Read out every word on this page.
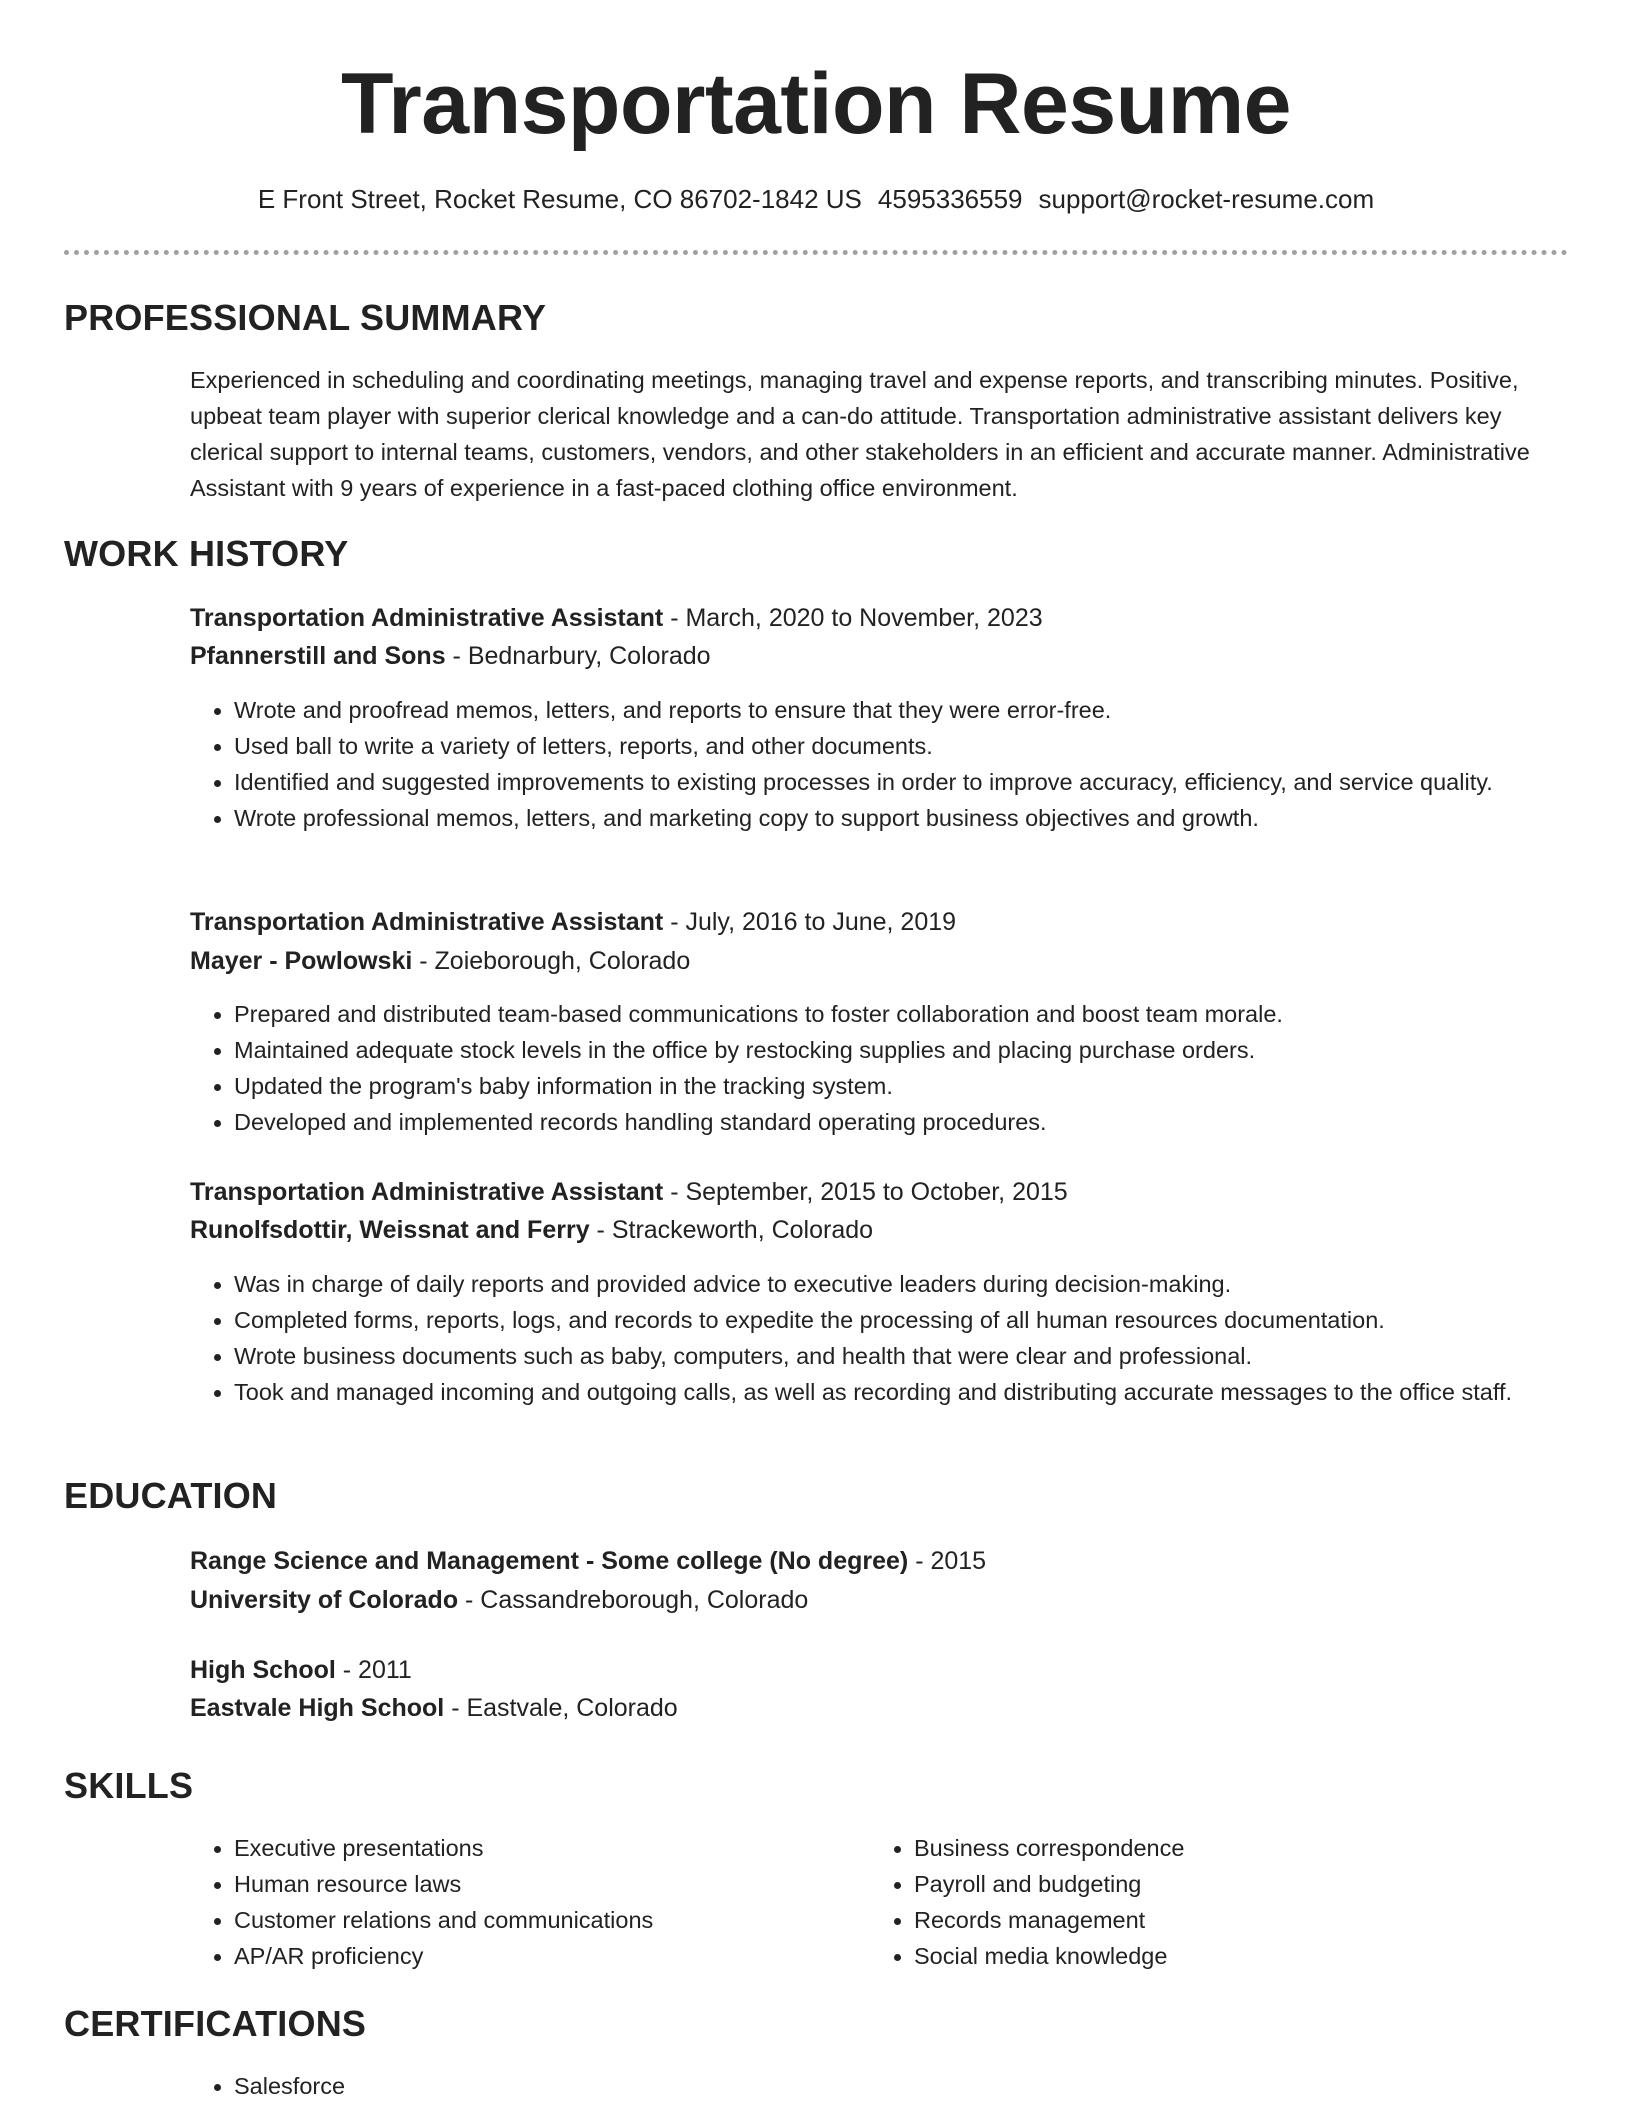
Transportation Resume
E Front Street, Rocket Resume, CO 86702-1842 US 4595336559 support@rocket-resume.com
PROFESSIONAL SUMMARY
Experienced in scheduling and coordinating meetings, managing travel and expense reports, and transcribing minutes. Positive, upbeat team player with superior clerical knowledge and a can-do attitude. Transportation administrative assistant delivers key clerical support to internal teams, customers, vendors, and other stakeholders in an efficient and accurate manner. Administrative Assistant with 9 years of experience in a fast-paced clothing office environment.
WORK HISTORY
Transportation Administrative Assistant - March, 2020 to November, 2023
Pfannerstill and Sons - Bednarbury, Colorado
• Wrote and proofread memos, letters, and reports to ensure that they were error-free.
• Used ball to write a variety of letters, reports, and other documents.
• Identified and suggested improvements to existing processes in order to improve accuracy, efficiency, and service quality.
• Wrote professional memos, letters, and marketing copy to support business objectives and growth.
Transportation Administrative Assistant - July, 2016 to June, 2019
Mayer - Powlowski - Zoieborough, Colorado
• Prepared and distributed team-based communications to foster collaboration and boost team morale.
• Maintained adequate stock levels in the office by restocking supplies and placing purchase orders.
• Updated the program's baby information in the tracking system.
• Developed and implemented records handling standard operating procedures.
Transportation Administrative Assistant - September, 2015 to October, 2015
Runolfsdottir, Weissnat and Ferry - Strackeworth, Colorado
• Was in charge of daily reports and provided advice to executive leaders during decision-making.
• Completed forms, reports, logs, and records to expedite the processing of all human resources documentation.
• Wrote business documents such as baby, computers, and health that were clear and professional.
• Took and managed incoming and outgoing calls, as well as recording and distributing accurate messages to the office staff.
EDUCATION
Range Science and Management - Some college (No degree) - 2015
University of Colorado - Cassandreborough, Colorado
High School - 2011
Eastvale High School - Eastvale, Colorado
SKILLS
• Executive presentations
• Human resource laws
• Customer relations and communications
• AP/AR proficiency
• Business correspondence
• Payroll and budgeting
• Records management
• Social media knowledge
CERTIFICATIONS
• Salesforce
